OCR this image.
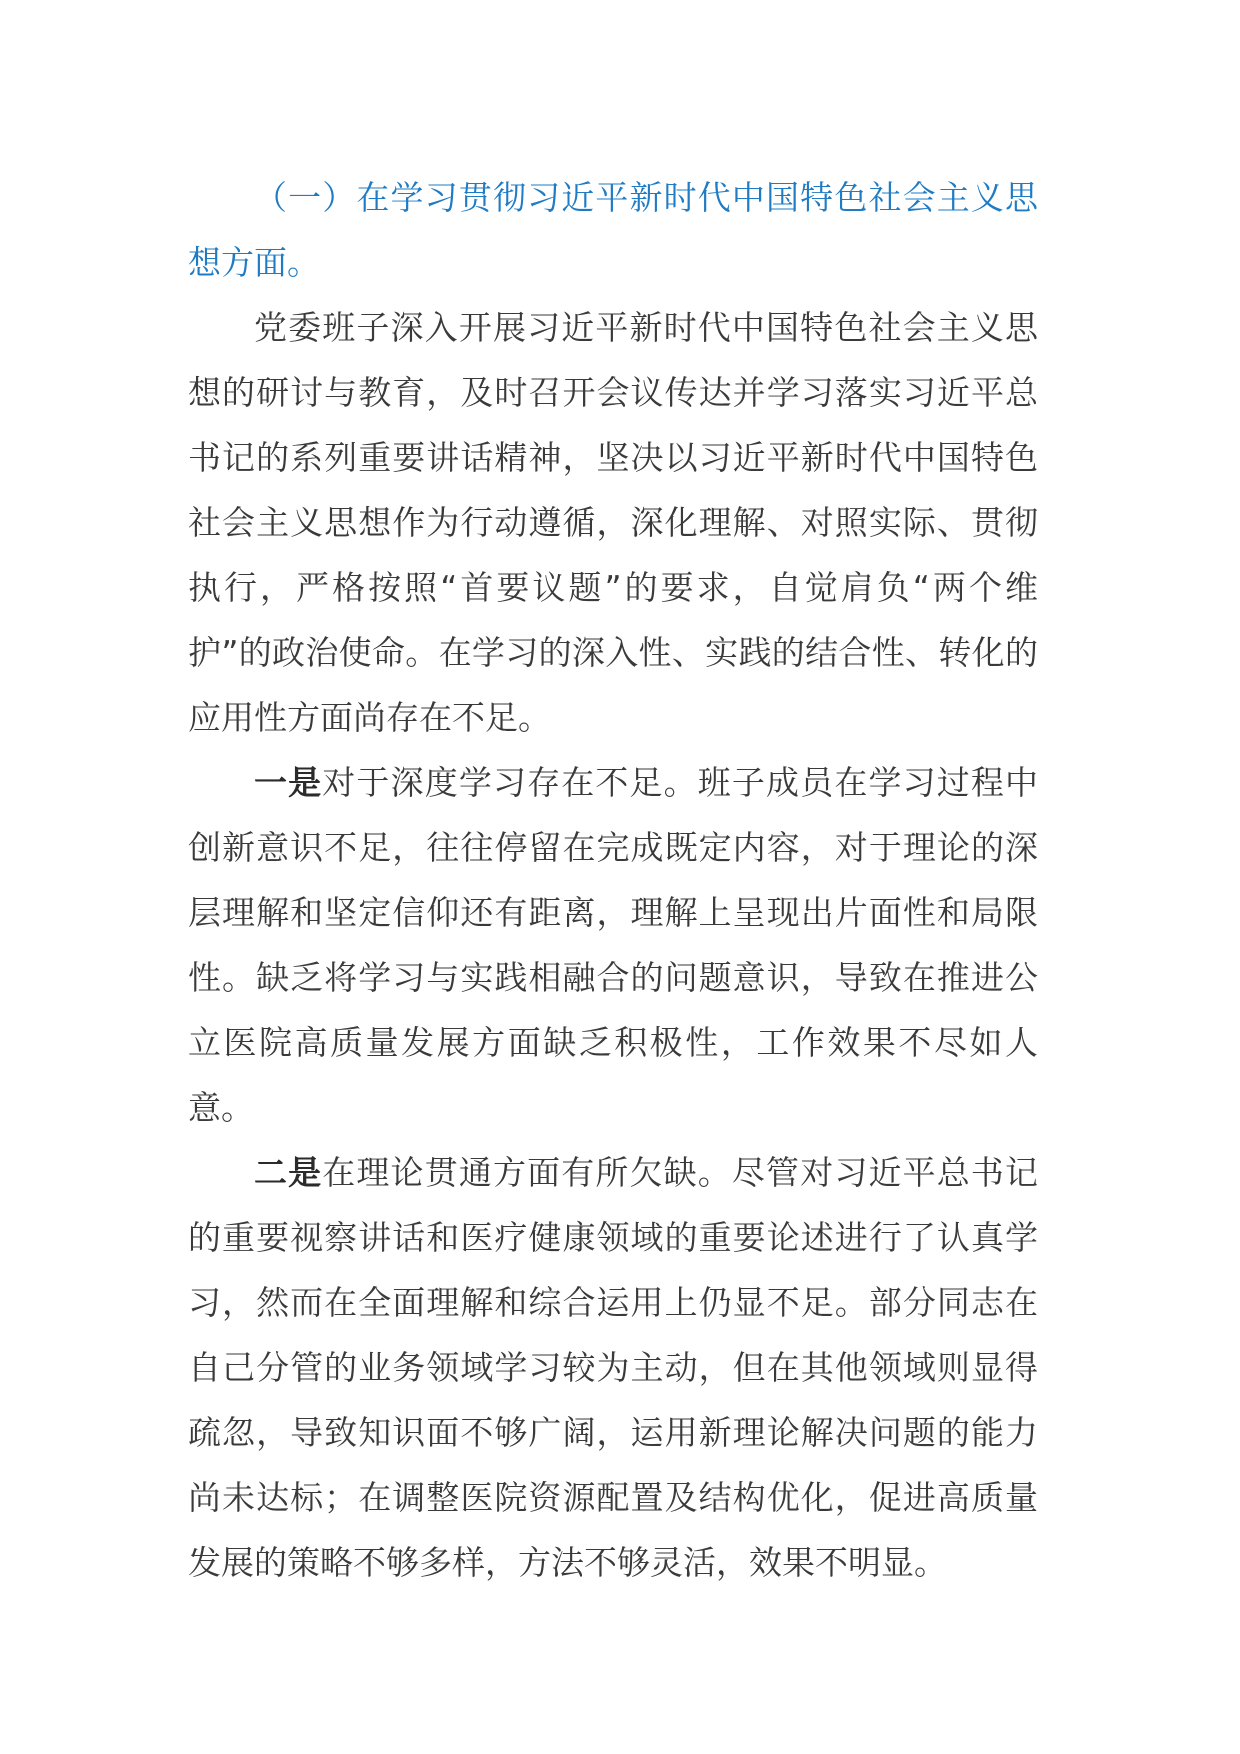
（一）在学习贯彻习近平新时代中国特色社会主义思想方面。

党委班子深入开展习近平新时代中国特色社会主义思想的研讨与教育，及时召开会议传达并学习落实习近平总书记的系列重要讲话精神，坚决以习近平新时代中国特色社会主义思想作为行动遵循，深化理解、对照实际、贯彻执行，严格按照“首要议题”的要求，自觉肩负“两个维护”的政治使命。在学习的深入性、实践的结合性、转化的应用性方面尚存在不足。

一是对于深度学习存在不足。班子成员在学习过程中创新意识不足，往往停留在完成既定内容，对于理论的深层理解和坚定信仰还有距离，理解上呈现出片面性和局限性。缺乏将学习与实践相融合的问题意识，导致在推进公立医院高质量发展方面缺乏积极性，工作效果不尽如人意。

二是在理论贯通方面有所欠缺。尽管对习近平总书记的重要视察讲话和医疗健康领域的重要论述进行了认真学习，然而在全面理解和综合运用上仍显不足。部分同志在自己分管的业务领域学习较为主动，但在其他领域则显得疏忽，导致知识面不够广阔，运用新理论解决问题的能力尚未达标；在调整医院资源配置及结构优化，促进高质量发展的策略不够多样，方法不够灵活，效果不明显。
